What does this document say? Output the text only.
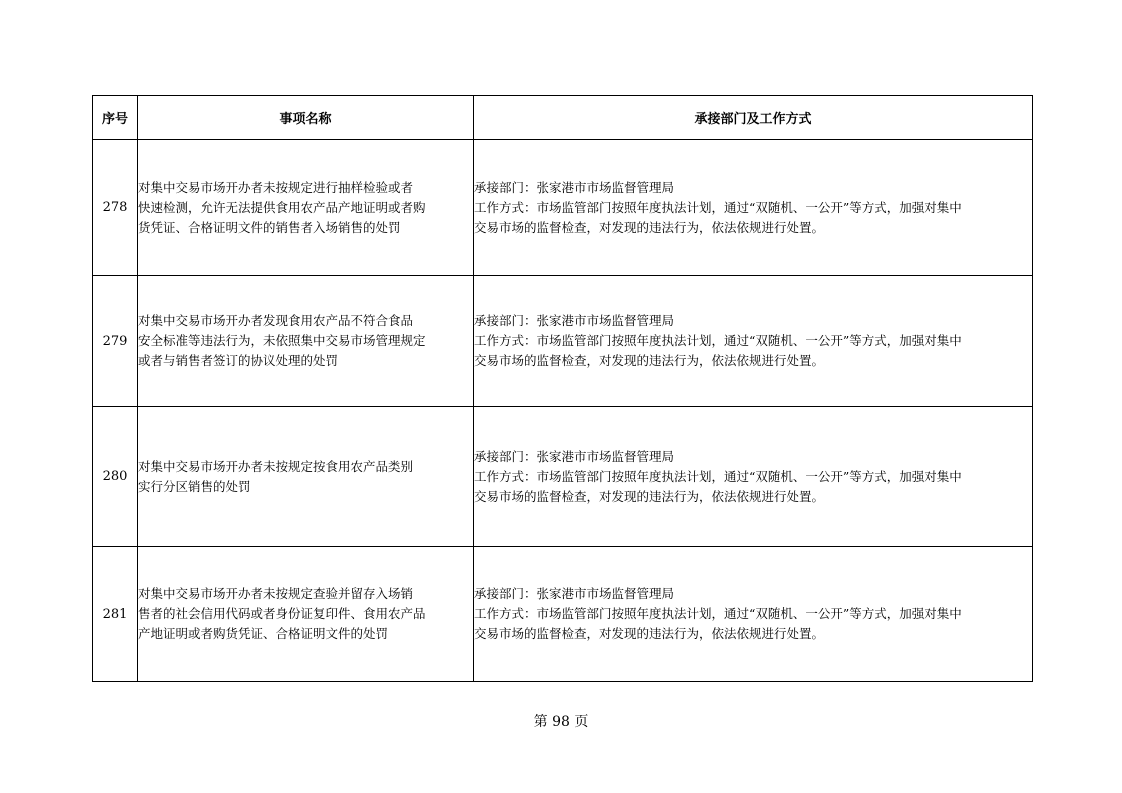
序号	事项名称	承接部门及工作方式
278	对集中交易市场开办者未按规定进行抽样检验或者
快速检测，允许无法提供食用农产品产地证明或者购
货凭证、合格证明文件的销售者入场销售的处罚	承接部门：张家港市市场监督管理局
工作方式：市场监管部门按照年度执法计划，通过“双随机、一公开”等方式，加强对集中
交易市场的监督检查，对发现的违法行为，依法依规进行处置。

279	对集中交易市场开办者发现食用农产品不符合食品
安全标准等违法行为，未依照集中交易市场管理规定
或者与销售者签订的协议处理的处罚	承接部门：张家港市市场监督管理局
工作方式：市场监管部门按照年度执法计划，通过“双随机、一公开”等方式，加强对集中
交易市场的监督检查，对发现的违法行为，依法依规进行处置。

280	对集中交易市场开办者未按规定按食用农产品类别
实行分区销售的处罚	承接部门：张家港市市场监督管理局
工作方式：市场监管部门按照年度执法计划，通过“双随机、一公开”等方式，加强对集中
交易市场的监督检查，对发现的违法行为，依法依规进行处置。

281	对集中交易市场开办者未按规定查验并留存入场销
售者的社会信用代码或者身份证复印件、食用农产品
产地证明或者购货凭证、合格证明文件的处罚	承接部门：张家港市市场监督管理局
工作方式：市场监管部门按照年度执法计划，通过“双随机、一公开”等方式，加强对集中
交易市场的监督检查，对发现的违法行为，依法依规进行处置。
第 98 页
